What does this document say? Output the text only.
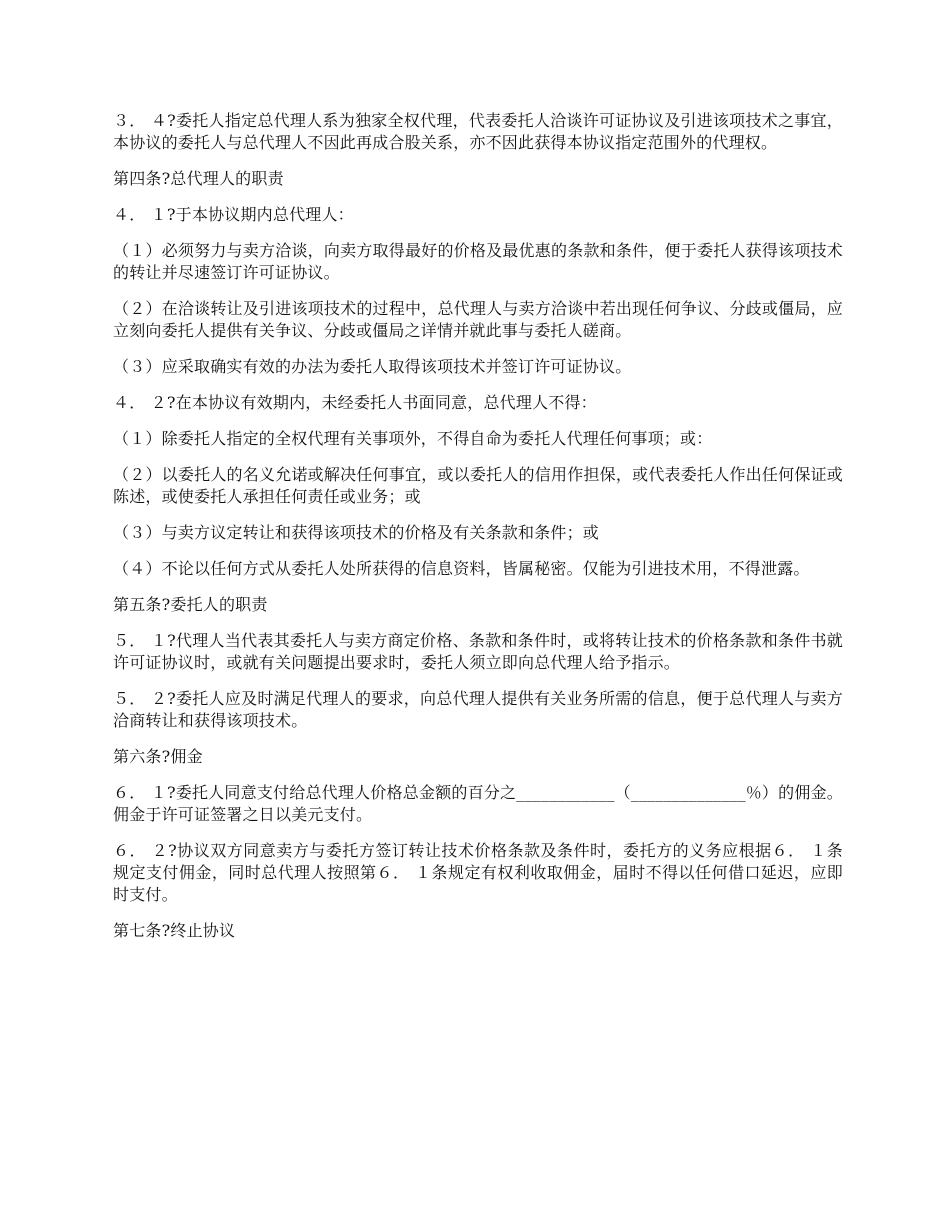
３． ４?委托人指定总代理人系为独家全权代理，代表委托人洽谈许可证协议及引进该项技术之事宜，本协议的委托人与总代理人不因此再成合股关系，亦不因此获得本协议指定范围外的代理权。

第四条?总代理人的职责

４． １?于本协议期内总代理人：

（１）必须努力与卖方洽谈，向卖方取得最好的价格及最优惠的条款和条件，便于委托人获得该项技术的转让并尽速签订许可证协议。

（２）在洽谈转让及引进该项技术的过程中，总代理人与卖方洽谈中若出现任何争议、分歧或僵局，应立刻向委托人提供有关争议、分歧或僵局之详情并就此事与委托人磋商。

（３）应采取确实有效的办法为委托人取得该项技术并签订许可证协议。

４． ２?在本协议有效期内，未经委托人书面同意，总代理人不得：

（１）除委托人指定的全权代理有关事项外，不得自命为委托人代理任何事项；或：

（２）以委托人的名义允诺或解决任何事宜，或以委托人的信用作担保，或代表委托人作出任何保证或陈述，或使委托人承担任何责任或业务；或

（３）与卖方议定转让和获得该项技术的价格及有关条款和条件；或

（４）不论以任何方式从委托人处所获得的信息资料，皆属秘密。仅能为引进技术用，不得泄露。

第五条?委托人的职责

５． １?代理人当代表其委托人与卖方商定价格、条款和条件时，或将转让技术的价格条款和条件书就许可证协议时，或就有关问题提出要求时，委托人须立即向总代理人给予指示。

５． ２?委托人应及时满足代理人的要求，向总代理人提供有关业务所需的信息，便于总代理人与卖方洽商转让和获得该项技术。

第六条?佣金

６． １?委托人同意支付给总代理人价格总金额的百分之____________（______________％）的佣金。佣金于许可证签署之日以美元支付。

６． ２?协议双方同意卖方与委托方签订转让技术价格条款及条件时，委托方的义务应根据６． １条规定支付佣金，同时总代理人按照第６． １条规定有权利收取佣金，届时不得以任何借口延迟，应即时支付。

第七条?终止协议
